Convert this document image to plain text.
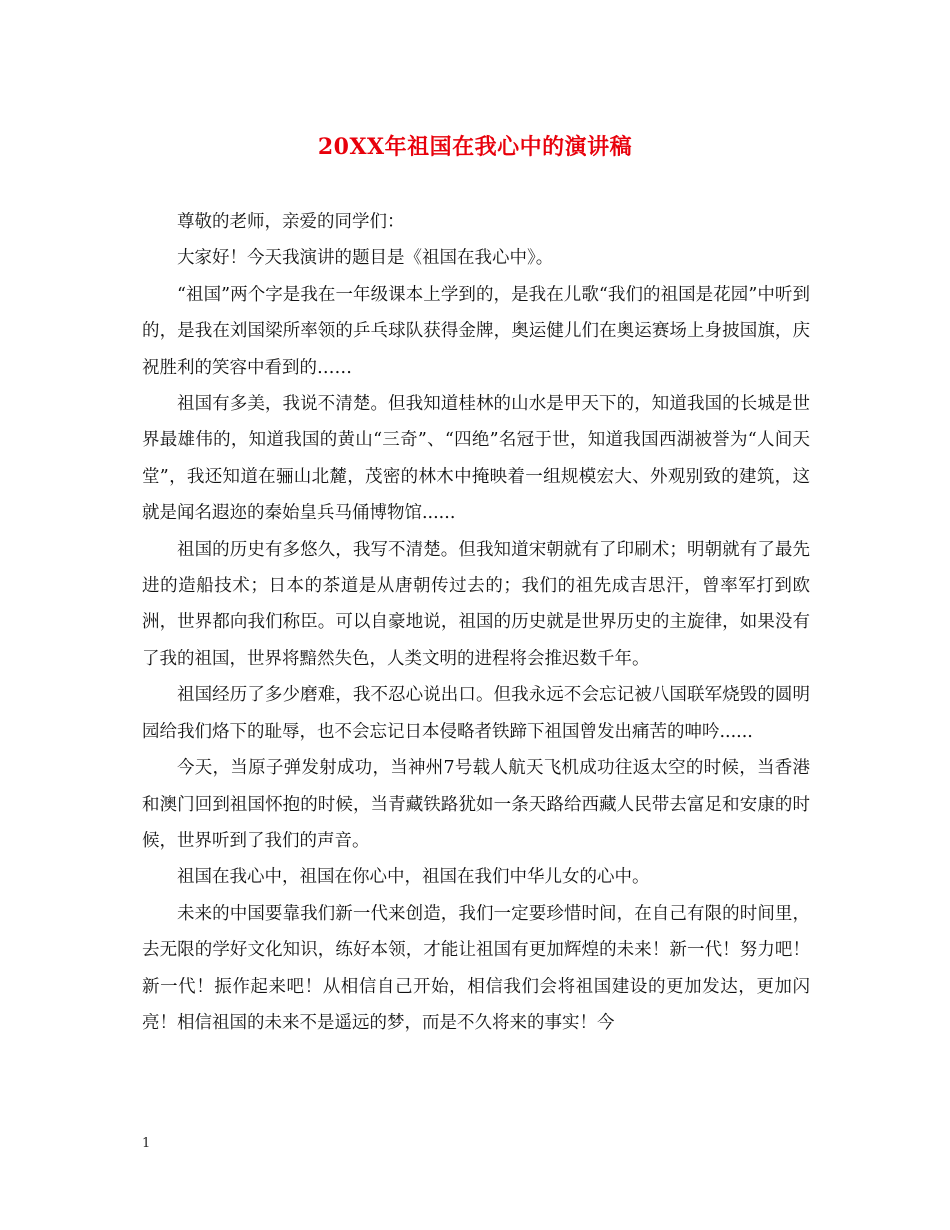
20XX年祖国在我心中的演讲稿

尊敬的老师，亲爱的同学们：

大家好！今天我演讲的题目是《祖国在我心中》。

“祖国”两个字是我在一年级课本上学到的，是我在儿歌“我们的祖国是花园”中听到的，是我在刘国梁所率领的乒乓球队获得金牌，奥运健儿们在奥运赛场上身披国旗，庆祝胜利的笑容中看到的……

祖国有多美，我说不清楚。但我知道桂林的山水是甲天下的，知道我国的长城是世界最雄伟的，知道我国的黄山“三奇”、“四绝”名冠于世，知道我国西湖被誉为“人间天堂”，我还知道在骊山北麓，茂密的林木中掩映着一组规模宏大、外观别致的建筑，这就是闻名遐迩的秦始皇兵马俑博物馆......

祖国的历史有多悠久，我写不清楚。但我知道宋朝就有了印刷术；明朝就有了最先进的造船技术；日本的茶道是从唐朝传过去的；我们的祖先成吉思汗，曾率军打到欧洲，世界都向我们称臣。可以自豪地说，祖国的历史就是世界历史的主旋律，如果没有了我的祖国，世界将黯然失色，人类文明的进程将会推迟数千年。

祖国经历了多少磨难，我不忍心说出口。但我永远不会忘记被八国联军烧毁的圆明园给我们烙下的耻辱，也不会忘记日本侵略者铁蹄下祖国曾发出痛苦的呻吟......

今天，当原子弹发射成功，当神州7号载人航天飞机成功往返太空的时候，当香港和澳门回到祖国怀抱的时候，当青藏铁路犹如一条天路给西藏人民带去富足和安康的时候，世界听到了我们的声音。

祖国在我心中，祖国在你心中，祖国在我们中华儿女的心中。

未来的中国要靠我们新一代来创造，我们一定要珍惜时间，在自己有限的时间里，去无限的学好文化知识，练好本领，才能让祖国有更加辉煌的未来！新一代！努力吧！新一代！振作起来吧！从相信自己开始，相信我们会将祖国建设的更加发达，更加闪亮！相信祖国的未来不是遥远的梦，而是不久将来的事实！今

1
